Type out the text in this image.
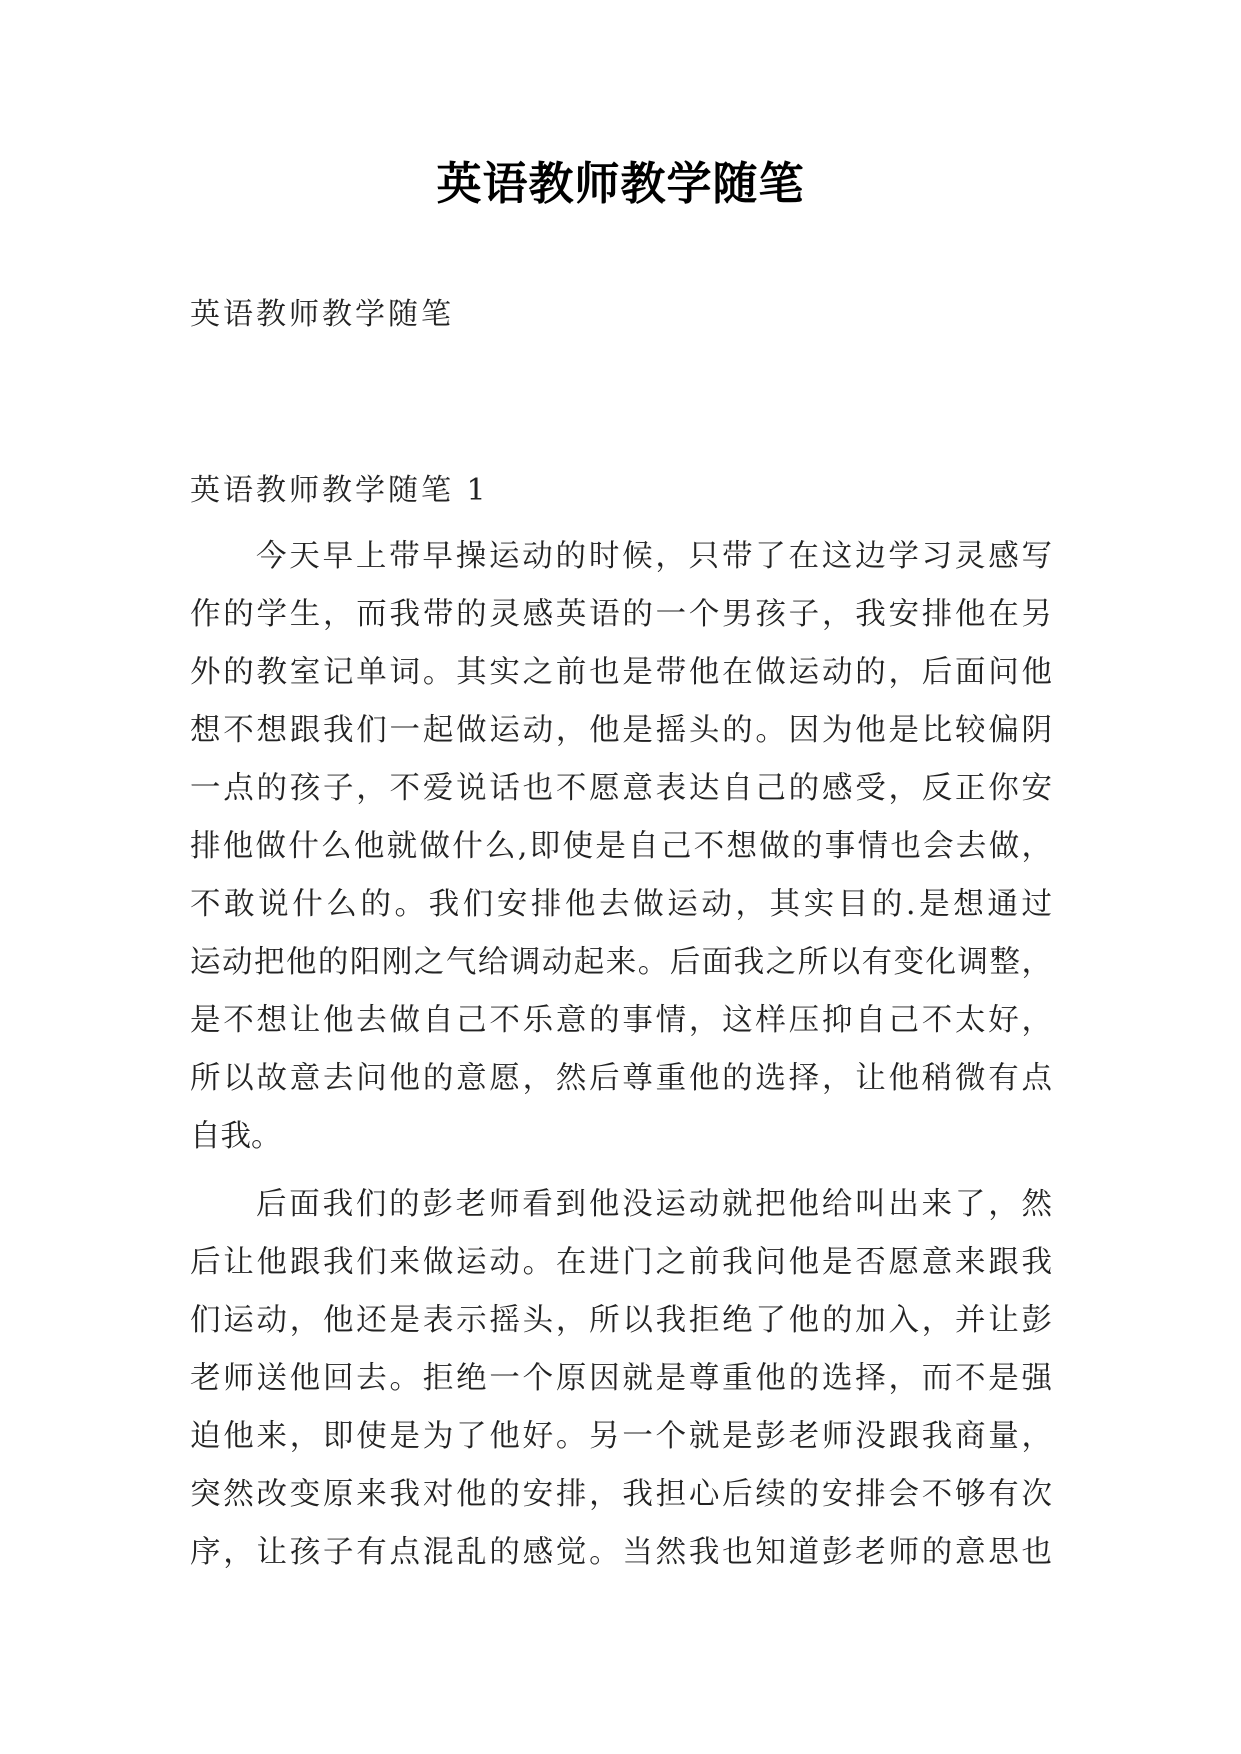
英语教师教学随笔
英语教师教学随笔
英语教师教学随笔 1
今天早上带早操运动的时候，只带了在这边学习灵感写
作的学生，而我带的灵感英语的一个男孩子，我安排他在另
外的教室记单词。其实之前也是带他在做运动的，后面问他
想不想跟我们一起做运动，他是摇头的。因为他是比较偏阴
一点的孩子，不爱说话也不愿意表达自己的感受，反正你安
排他做什么他就做什么,即使是自己不想做的事情也会去做，
不敢说什么的。我们安排他去做运动，其实目的.是想通过
运动把他的阳刚之气给调动起来。后面我之所以有变化调整，
是不想让他去做自己不乐意的事情，这样压抑自己不太好，
所以故意去问他的意愿，然后尊重他的选择，让他稍微有点
自我。
后面我们的彭老师看到他没运动就把他给叫出来了，然
后让他跟我们来做运动。在进门之前我问他是否愿意来跟我
们运动，他还是表示摇头，所以我拒绝了他的加入，并让彭
老师送他回去。拒绝一个原因就是尊重他的选择，而不是强
迫他来，即使是为了他好。另一个就是彭老师没跟我商量，
突然改变原来我对他的安排，我担心后续的安排会不够有次
序，让孩子有点混乱的感觉。当然我也知道彭老师的意思也
